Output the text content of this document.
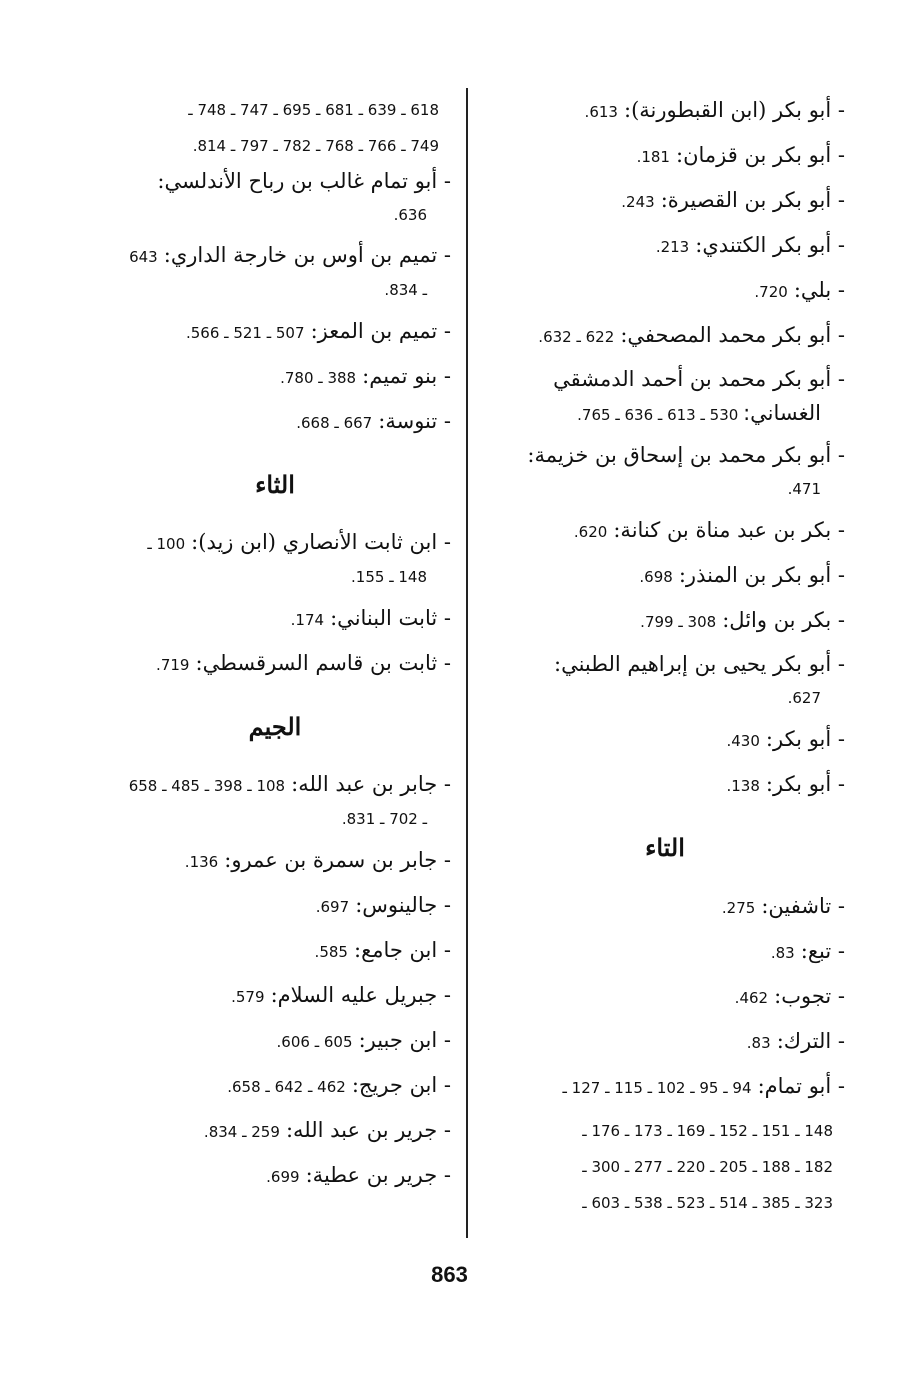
- أبو بكر (ابن القبطورنة): 613.
- أبو بكر بن قزمان: 181.
- أبو بكر بن القصيرة: 243.
- أبو بكر الكتندي: 213.
- بلي: 720.
- أبو بكر محمد المصحفي: 622 ـ 632.
- أبو بكر محمد بن أحمد الدمشقي
الغساني: 530 ـ 613 ـ 636 ـ 765.
- أبو بكر محمد بن إسحاق بن خزيمة:
471.
- بكر بن عبد مناة بن كنانة: 620.
- أبو بكر بن المنذر: 698.
- بكر بن وائل: 308 ـ 799.
- أبو بكر يحيى بن إبراهيم الطبني:
627.
- أبو بكر: 430.
- أبو بكر: 138.
التاء
- تاشفين: 275.
- تبع: 83.
- تجوب: 462.
- الترك: 83.
- أبو تمام: 94 ـ 95 ـ 102 ـ 115 ـ 127 ـ
148 ـ 151 ـ 152 ـ 169 ـ 173 ـ 176 ـ
182 ـ 188 ـ 205 ـ 220 ـ 277 ـ 300 ـ
323 ـ 385 ـ 514 ـ 523 ـ 538 ـ 603 ـ
618 ـ 639 ـ 681 ـ 695 ـ 747 ـ 748 ـ
749 ـ 766 ـ 768 ـ 782 ـ 797 ـ 814.
- أبو تمام غالب بن رباح الأندلسي:
636.
- تميم بن أوس بن خارجة الداري: 643
ـ 834.
- تميم بن المعز: 507 ـ 521 ـ 566.
- بنو تميم: 388 ـ 780.
- تنوسة: 667 ـ 668.
الثاء
- ابن ثابت الأنصاري (ابن زيد): 100 ـ
148 ـ 155.
- ثابت البناني: 174.
- ثابت بن قاسم السرقسطي: 719.
الجيم
- جابر بن عبد الله: 108 ـ 398 ـ 485 ـ 658
ـ 702 ـ 831.
- جابر بن سمرة بن عمرو: 136.
- جالينوس: 697.
- ابن جامع: 585.
- جبريل عليه السلام: 579.
- ابن جبير: 605 ـ 606.
- ابن جريج: 462 ـ 642 ـ 658.
- جرير بن عبد الله: 259 ـ 834.
- جرير بن عطية: 699.
863
